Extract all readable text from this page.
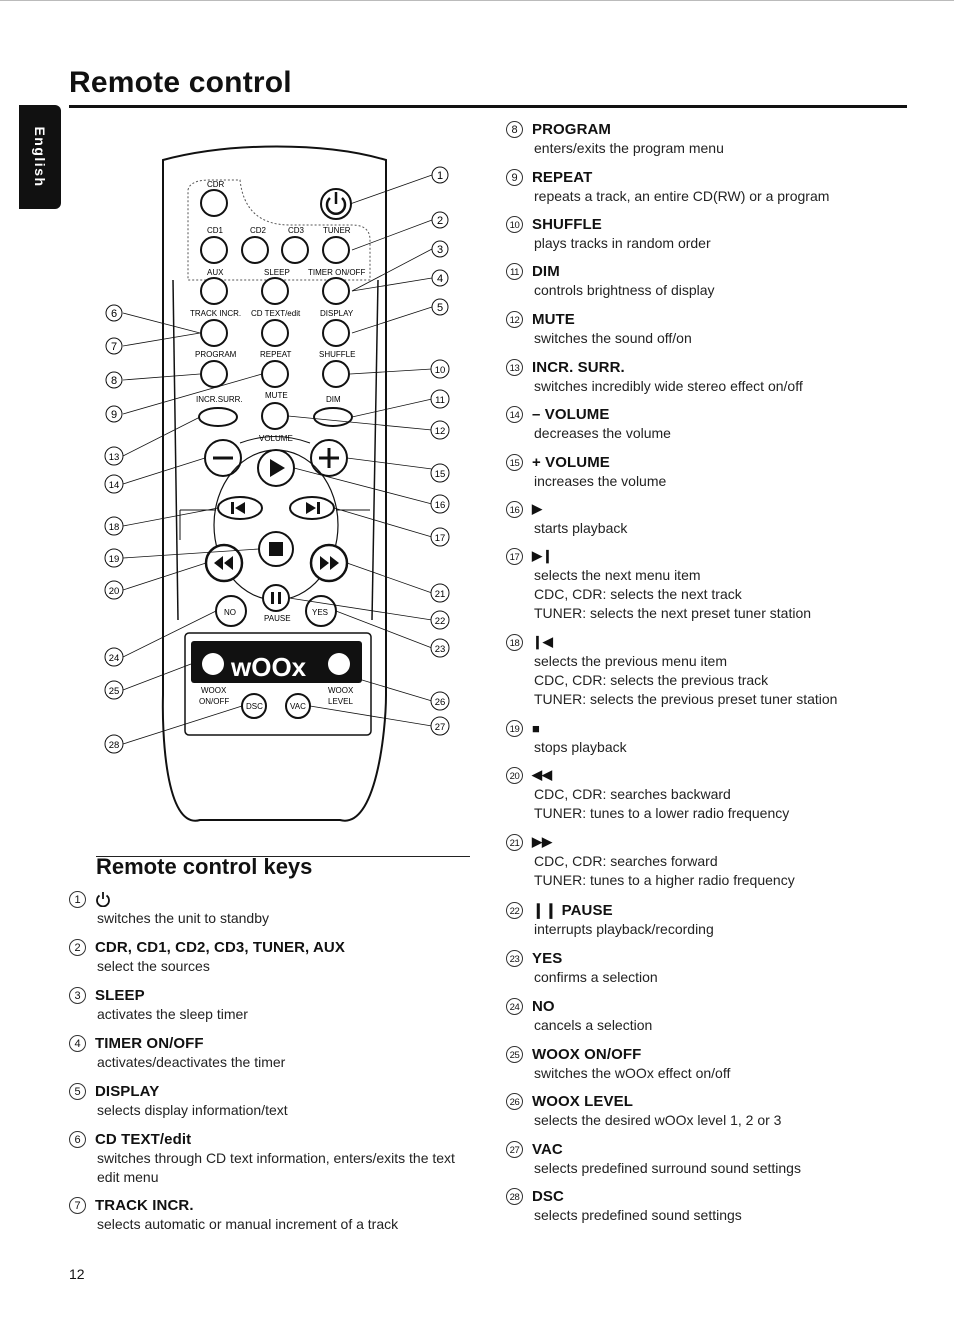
Remote control
English	CDR
CD1	CD2	CD3 TUNER
AUX	SLEEP TIMER ON/OFF
TRACK INCR. CD TEXT/edit DISPLAY
PROGRAM	REPEAT	SHUFFLE
INCR.SURR.	MUTE	DIM
VOLUME
NO
PAUSE
YES
wOOx
WOOX
ON/OFF
DSC	VAC
WOOX
LEVEL
1
2
3
4
5
6
7
8
9
10
11
12
13
14
15
16
17
18
19
20	21
22
23
24
25
26
27
28
Remote control keys
1
switches the unit to standby
2 CDR, CD1, CD2, CD3, TUNER, AUX
select the sources
3 SLEEP
activates the sleep timer
4 TIMER ON/OFF
activates/deactivates the timer
5 DISPLAY
selects display information/text
6 CD TEXT/edit
switches through CD text information, enters/exits the text
edit menu
7 TRACK INCR.
selects automatic or manual increment of a track
8 PROGRAM
enters/exits the program menu
9 REPEAT
repeats a track, an entire CD(RW) or a program
10 SHUFFLE
plays tracks in random order
11 DIM
controls brightness of display
12 MUTE
switches the sound off/on
13 INCR. SURR.
switches incredibly wide stereo effect on/off
14 – VOLUME
decreases the volume
15 + VOLUME
increases the volume
16 ▶
starts playback
17 ▶❙
selects the next menu item
CDC, CDR: selects the next track
TUNER: selects the next preset tuner station
18 ❙◀
selects the previous menu item
CDC, CDR: selects the previous track
TUNER: selects the previous preset tuner station
19 ■
stops playback
20 ◀◀
CDC, CDR: searches backward
TUNER: tunes to a lower radio frequency
21 ▶▶
CDC, CDR: searches forward
TUNER: tunes to a higher radio frequency
22 ❙❙ PAUSE
interrupts playback/recording
23 YES
confirms a selection
24 NO
cancels a selection
25 WOOX ON/OFF
switches the wOOx effect on/off
26 WOOX LEVEL
selects the desired wOOx level 1, 2 or 3
27 VAC
selects predefined surround sound settings
28 DSC
selects predefined sound settings
12
